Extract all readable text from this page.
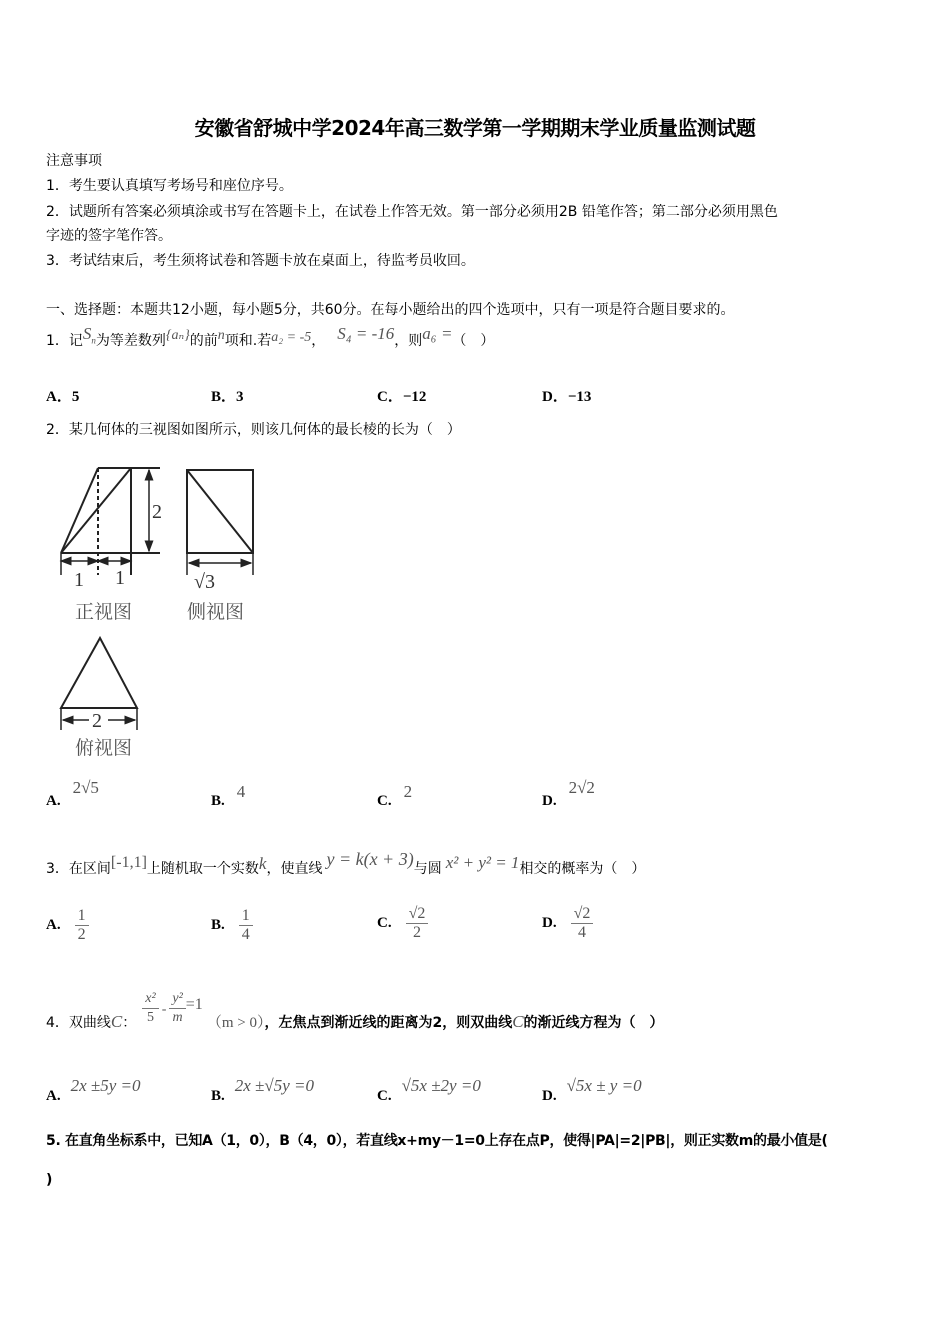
安徽省舒城中学2024年高三数学第一学期期末学业质量监测试题
注意事项
1．考生要认真填写考场号和座位序号。
2．试题所有答案必须填涂或书写在答题卡上，在试卷上作答无效。第一部分必须用2B 铅笔作答；第二部分必须用黑色
字迹的签字笔作答。
3．考试结束后，考生须将试卷和答题卡放在桌面上，待监考员收回。
一、选择题：本题共12小题，每小题5分，共60分。在每小题给出的四个选项中，只有一项是符合题目要求的。
1．记$S_n$为等差数列{aₙ}的前n项和.若a₂ = -5， S₄ = -16，则a₆ =（　）
A．5	B．3	C．−12	D．−13
2．某几何体的三视图如图所示，则该几何体的最长棱的长为（　）
2
1 1
正视图
√3
侧视图
2
俯视图
A.2√5
B. 4	C. 2	D.2√2
3．在区间[-1,1]上随机取一个实数k，使直线 y = k(x + 3)与圆 x² + y² = 1相交的概率为（　）
A. $\frac{1}{2}$	B. $\frac{1}{4}$	C. $\frac{√2}{2}$	D. $\frac{√2}{4}$
4．双曲线C： $\frac{\text{x²}}{5} - \frac{\text{y²}}{m} =1(m > 0)$，左焦点到渐近线的距离为2，则双曲线C的渐近线方程为（　）
A.2x ±5y =0
B.2x ±√5y =0
C.√5x ±2y =0
D.√5x ± y =0
5. 在直角坐标系中，已知A（1，0），B（4，0），若直线x+my－1=0上存在点P，使得|PA|=2|PB|，则正实数m的最小值是(
)
